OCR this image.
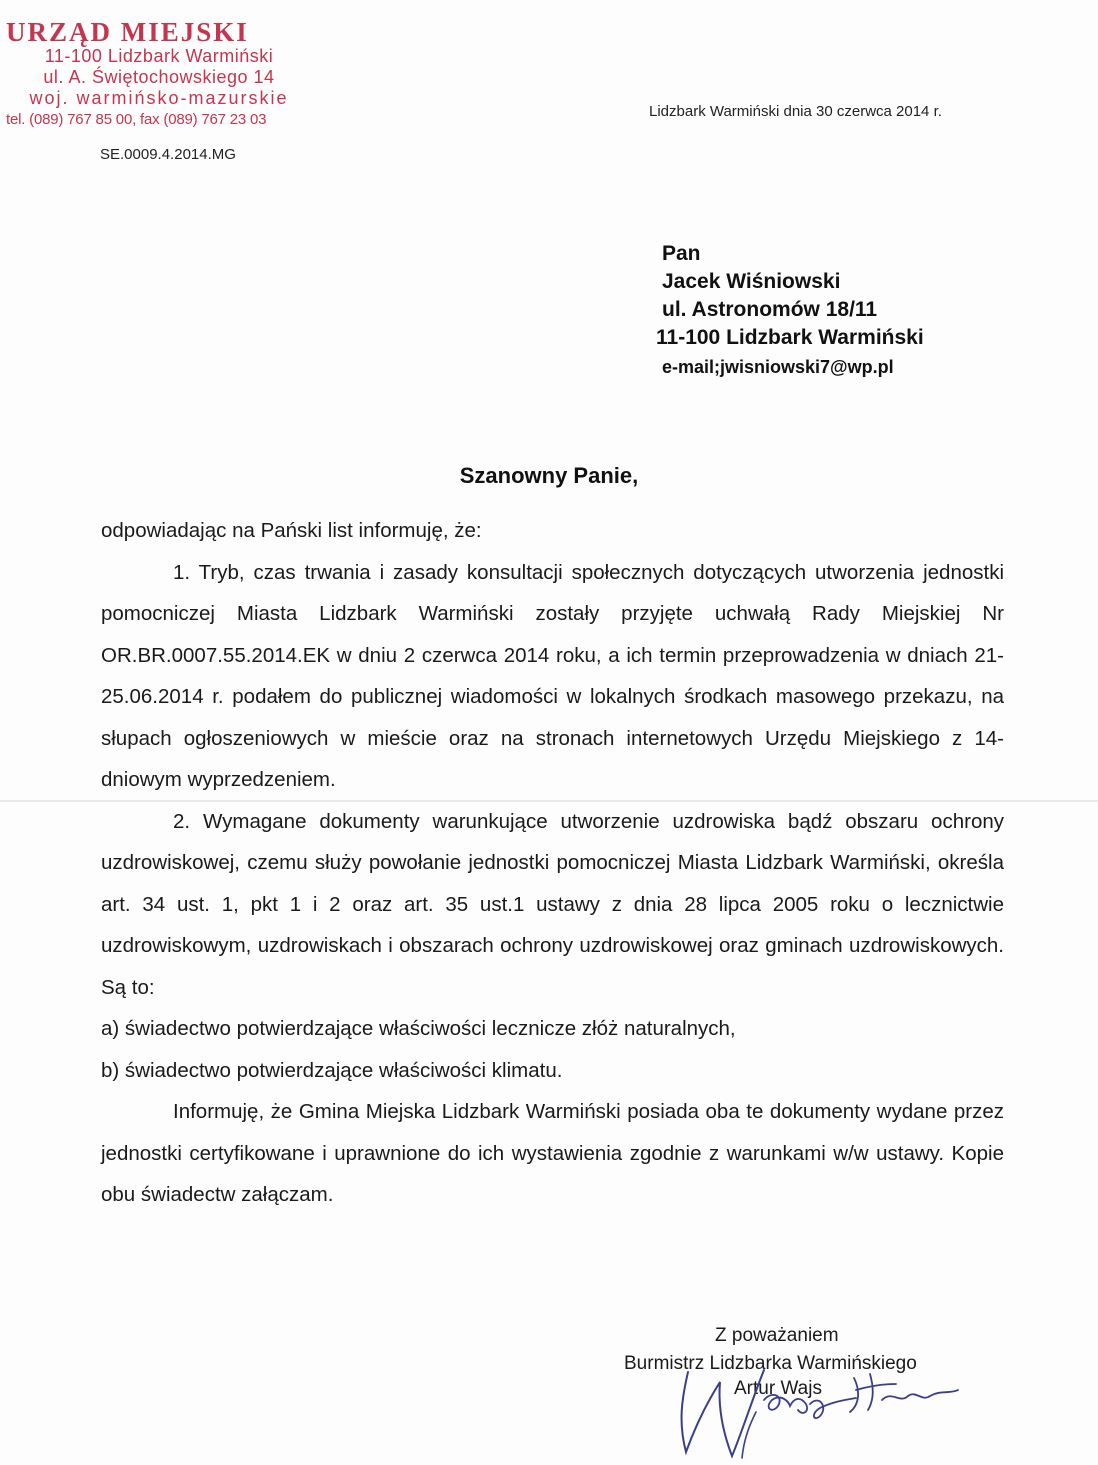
URZĄD MIEJSKI
11-100 Lidzbark Warmiński
ul. A. Świętochowskiego 14
woj. warmińsko-mazurskie
tel. (089) 767 85 00, fax (089) 767 23 03
SE.0009.4.2014.MG
Lidzbark Warmiński dnia 30 czerwca 2014 r.
Pan
Jacek Wiśniowski
ul. Astronomów 18/11
11-100 Lidzbark Warmiński
e-mail;jwisniowski7@wp.pl
Szanowny Panie,

odpowiadając na Pański list informuję, że:

1. Tryb, czas trwania i zasady konsultacji społecznych dotyczących utworzenia jednostki pomocniczej Miasta Lidzbark Warmiński zostały przyjęte uchwałą Rady Miejskiej Nr OR.BR.0007.55.2014.EK w dniu 2 czerwca 2014 roku, a ich termin przeprowadzenia w dniach 21-25.06.2014 r. podałem do publicznej wiadomości w lokalnych środkach masowego przekazu, na słupach ogłoszeniowych w mieście oraz na stronach internetowych Urzędu Miejskiego z 14-dniowym wyprzedzeniem.

2. Wymagane dokumenty warunkujące utworzenie uzdrowiska bądź obszaru ochrony uzdrowiskowej, czemu służy powołanie jednostki pomocniczej Miasta Lidzbark Warmiński, określa art. 34 ust. 1, pkt 1 i 2 oraz art. 35 ust.1 ustawy z dnia 28 lipca 2005 roku o lecznictwie uzdrowiskowym, uzdrowiskach i obszarach ochrony uzdrowiskowej oraz gminach uzdrowiskowych. Są to:

a) świadectwo potwierdzające właściwości lecznicze złóż naturalnych,

b) świadectwo potwierdzające właściwości klimatu.

Informuję, że Gmina Miejska Lidzbark Warmiński posiada oba te dokumenty wydane przez jednostki certyfikowane i uprawnione do ich wystawienia zgodnie z warunkami w/w ustawy. Kopie obu świadectw załączam.

Z poważaniem
Burmistrz Lidzbarka Warmińskiego
Artur Wajs
